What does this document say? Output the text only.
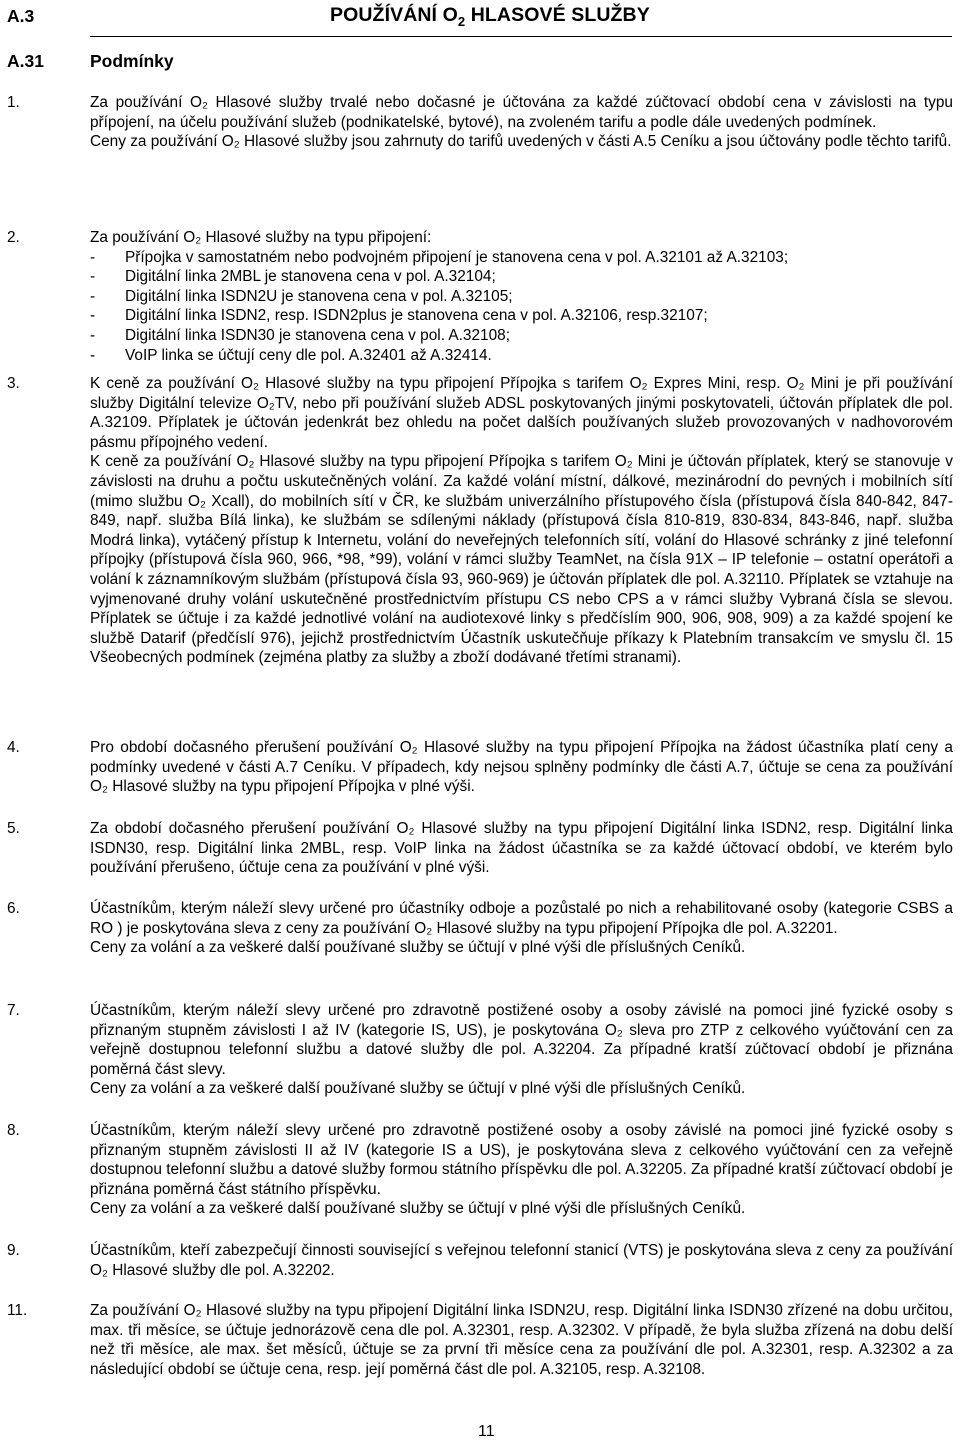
A.3	POUŽÍVÁNÍ $O_2$ HLASOVÉ SLUŽBY
A.31	Podmínky
1.	Za používání O₂ Hlasové služby trvalé nebo dočasné je účtována za každé zúčtovací období cena v závislosti na typu přípojení, na účelu používání služeb (podnikatelské, bytové), na zvoleném tarifu a podle dále uvedených podmínek.

Ceny za používání O₂ Hlasové služby jsou zahrnuty do tarifů uvedených v části A.5 Ceníku a jsou účtovány podle těchto tarifů.

2.	Za používání O₂ Hlasové služby na typu připojení:

- Přípojka v samostatném nebo podvojném připojení je stanovena cena v pol. A.32101 až A.32103;
- Digitální linka 2MBL je stanovena cena v pol. A.32104;
- Digitální linka ISDN2U je stanovena cena v pol. A.32105;
- Digitální linka ISDN2, resp. ISDN2plus je stanovena cena v pol. A.32106, resp.32107;
- Digitální linka ISDN30 je stanovena cena v pol. A.32108;
- VoIP linka se účtují ceny dle pol. A.32401 až A.32414.
3.	K ceně za používání O₂ Hlasové služby na typu připojení Přípojka s tarifem O₂ Expres Mini, resp. O₂ Mini je při používání služby Digitální televize O₂TV, nebo při používání služeb ADSL poskytovaných jinými poskytovateli, účtován příplatek dle pol. A.32109. Příplatek je účtován jedenkrát bez ohledu na počet dalších používaných služeb provozovaných v nadhovorovém pásmu přípojného vedení.

K ceně za používání O₂ Hlasové služby na typu připojení Přípojka s tarifem O₂ Mini je účtován příplatek, který se stanovuje v závislosti na druhu a počtu uskutečněných volání. Za každé volání místní, dálkové, mezinárodní do pevných i mobilních sítí (mimo službu O₂ Xcall), do mobilních sítí v ČR, ke službám univerzálního přístupového čísla (přístupová čísla 840-842, 847-849, např. služba Bílá linka), ke službám se sdílenými náklady (přístupová čísla 810-819, 830-834, 843-846, např. služba Modrá linka), vytáčený přístup k Internetu, volání do neveřejných telefonních sítí, volání do Hlasové schránky z jiné telefonní přípojky (přístupová čísla 960, 966, *98, *99), volání v rámci služby TeamNet, na čísla 91X – IP telefonie – ostatní operátoři a volání k záznamníkovým službám (přístupová čísla 93, 960-969) je účtován příplatek dle pol. A.32110. Příplatek se vztahuje na vyjmenované druhy volání uskutečněné prostřednictvím přístupu CS nebo CPS a v rámci služby Vybraná čísla se slevou. Příplatek se účtuje i za každé jednotlivé volání na audiotexové linky s předčíslím 900, 906, 908, 909) a za každé spojení ke službě Datarif (předčíslí 976), jejichž prostřednictvím Účastník uskutečňuje příkazy k Platebním transakcím ve smyslu čl. 15 Všeobecných podmínek (zejména platby za služby a zboží dodávané třetími stranami).

4.	Pro období dočasného přerušení používání O₂ Hlasové služby na typu připojení Přípojka na žádost účastníka platí ceny a podmínky uvedené v části A.7 Ceníku. V případech, kdy nejsou splněny podmínky dle části A.7, účtuje se cena za používání O₂ Hlasové služby na typu připojení Přípojka v plné výši.

5.	Za období dočasného přerušení používání O₂ Hlasové služby na typu připojení Digitální linka ISDN2, resp. Digitální linka ISDN30, resp. Digitální linka 2MBL, resp. VoIP linka na žádost účastníka se za každé účtovací období, ve kterém bylo používání přerušeno, účtuje cena za používání v plné výši.

6.	Účastníkům, kterým náleží slevy určené pro účastníky odboje a pozůstalé po nich a rehabilitované osoby (kategorie CSBS a RO ) je poskytována sleva z ceny za používání O₂ Hlasové služby na typu připojení Přípojka dle pol. A.32201.

Ceny za volání a za veškeré další používané služby se účtují v plné výši dle příslušných Ceníků.

7.	Účastníkům, kterým náleží slevy určené pro zdravotně postižené osoby a osoby závislé na pomoci jiné fyzické osoby s přiznaným stupněm závislosti I až IV (kategorie IS, US), je poskytována O₂ sleva pro ZTP z celkového vyúčtování cen za veřejně dostupnou telefonní službu a datové služby dle pol. A.32204. Za případné kratší zúčtovací období je přiznána poměrná část slevy.

Ceny za volání a za veškeré další používané služby se účtují v plné výši dle příslušných Ceníků.

8.	Účastníkům, kterým náleží slevy určené pro zdravotně postižené osoby a osoby závislé na pomoci jiné fyzické osoby s přiznaným stupněm závislosti II až IV (kategorie IS a US), je poskytována sleva z celkového vyúčtování cen za veřejně dostupnou telefonní službu a datové služby formou státního příspěvku dle pol. A.32205. Za případné kratší zúčtovací období je přiznána poměrná část státního příspěvku.

Ceny za volání a za veškeré další používané služby se účtují v plné výši dle příslušných Ceníků.

9.	Účastníkům, kteří zabezpečují činnosti související s veřejnou telefonní stanicí (VTS) je poskytována sleva z ceny za používání O₂ Hlasové služby dle pol. A.32202.

11.	Za používání O₂ Hlasové služby na typu připojení Digitální linka ISDN2U, resp. Digitální linka ISDN30 zřízené na dobu určitou, max. tři měsíce, se účtuje jednorázově cena dle pol. A.32301, resp. A.32302. V případě, že byla služba zřízená na dobu delší než tři měsíce, ale max. šet měsíců, účtuje se za první tři měsíce cena za používání dle pol. A.32301, resp. A.32302 a za následující období se účtuje cena, resp. její poměrná část dle pol. A.32105, resp. A.32108.

11
